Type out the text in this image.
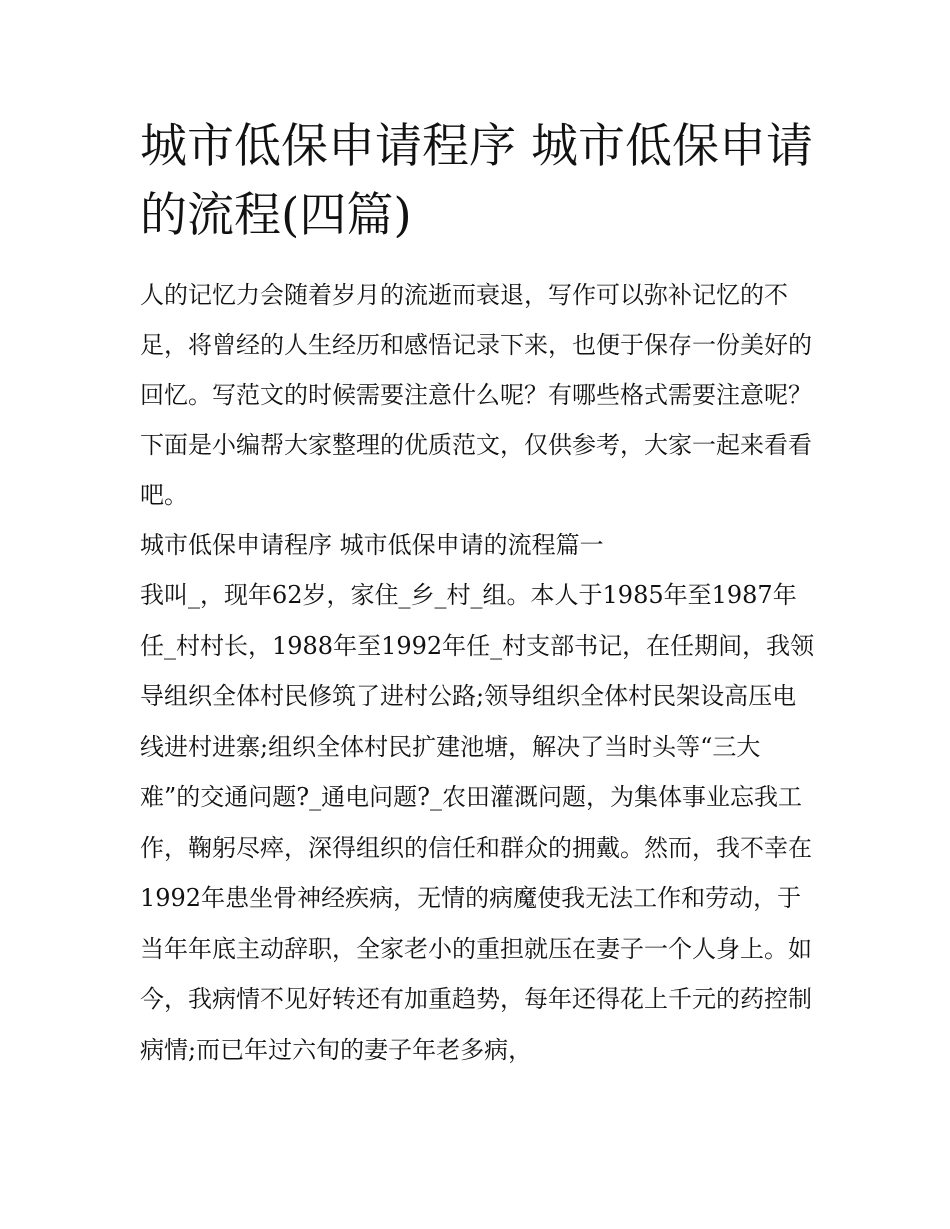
城市低保申请程序 城市低保申请的流程(四篇)

人的记忆力会随着岁月的流逝而衰退，写作可以弥补记忆的不足，将曾经的人生经历和感悟记录下来，也便于保存一份美好的回忆。写范文的时候需要注意什么呢？有哪些格式需要注意呢？下面是小编帮大家整理的优质范文，仅供参考，大家一起来看看吧。

城市低保申请程序 城市低保申请的流程篇一

我叫_，现年62岁，家住_乡_村_组。本人于1985年至1987年任_村村长，1988年至1992年任_村支部书记，在任期间，我领导组织全体村民修筑了进村公路;领导组织全体村民架设高压电线进村进寨;组织全体村民扩建池塘，解决了当时头等“三大难”的交通问题?_通电问题?_农田灌溉问题，为集体事业忘我工作，鞠躬尽瘁，深得组织的信任和群众的拥戴。然而，我不幸在1992年患坐骨神经疾病，无情的病魔使我无法工作和劳动，于当年年底主动辞职，全家老小的重担就压在妻子一个人身上。如今，我病情不见好转还有加重趋势，每年还得花上千元的药控制病情;而已年过六旬的妻子年老多病，
